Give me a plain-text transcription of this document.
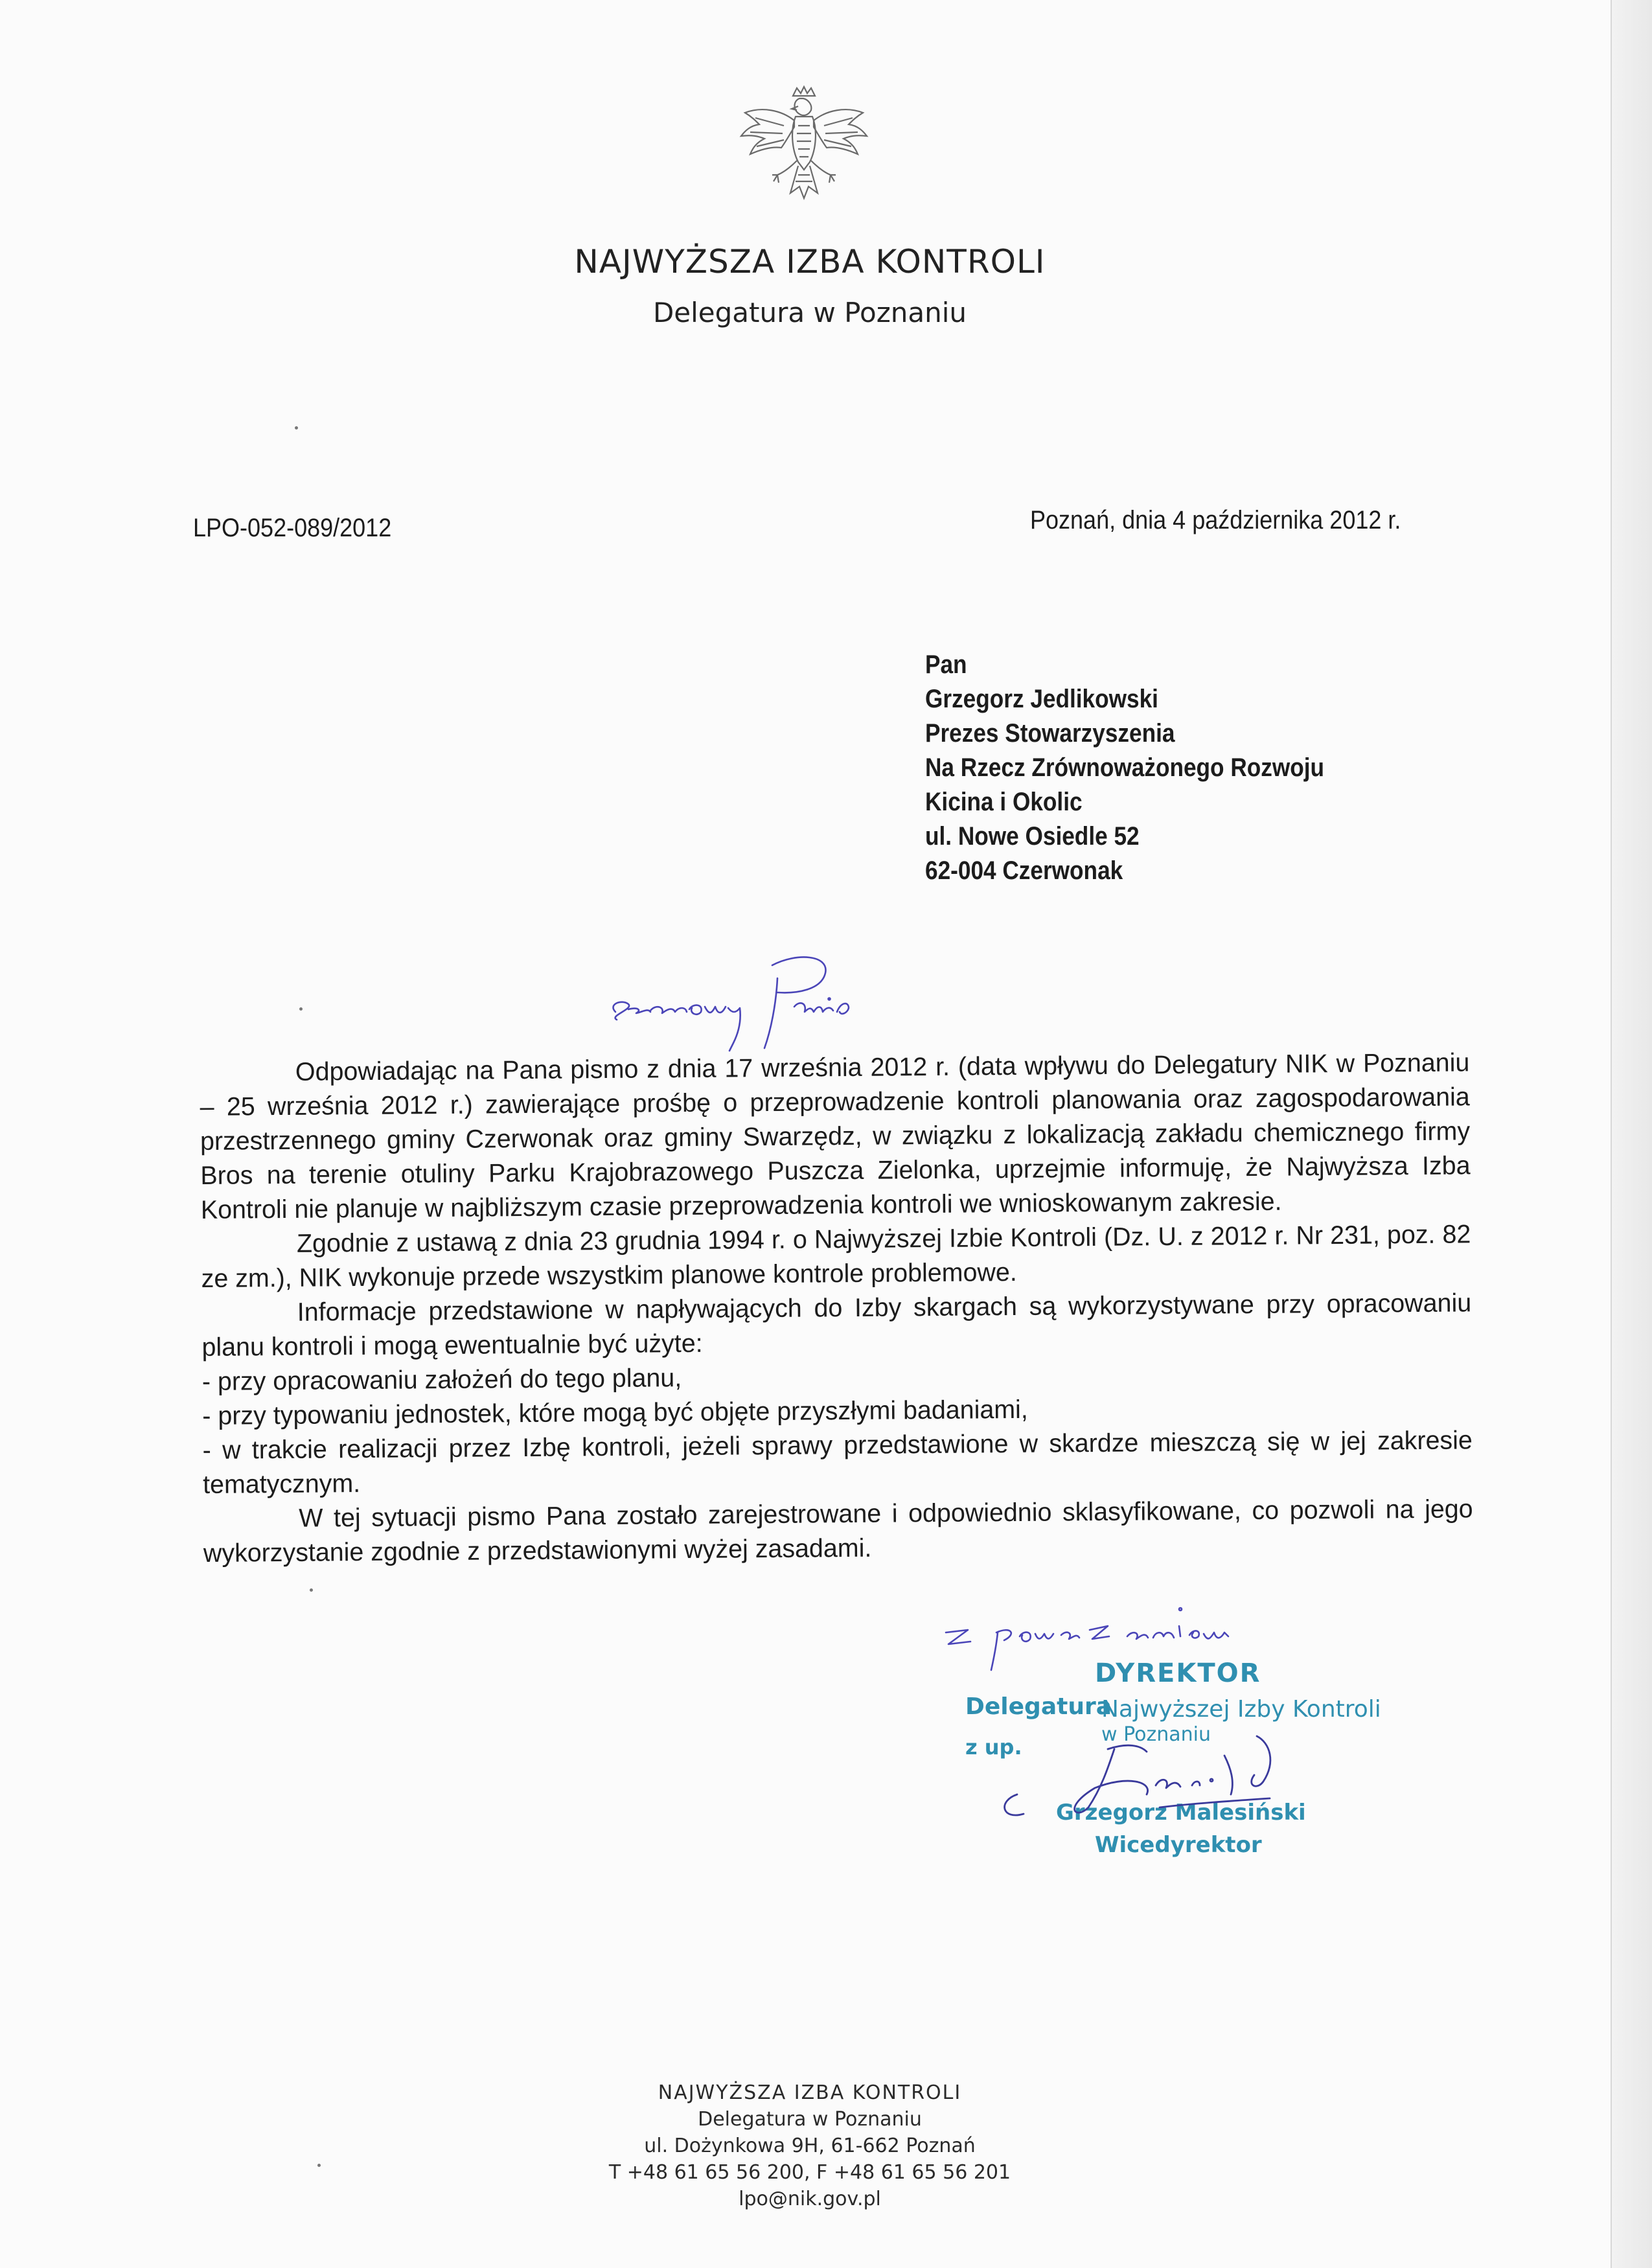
NAJWYŻSZA IZBA KONTROLI
Delegatura w Poznaniu
LPO-052-089/2012	Poznań, dnia 4 października 2012 r.
Pan
Grzegorz Jedlikowski
Prezes Stowarzyszenia
Na Rzecz Zrównoważonego Rozwoju
Kicina i Okolic
ul. Nowe Osiedle 52
62-004 Czerwonak

Odpowiadając na Pana pismo z dnia 17 września 2012 r. (data wpływu do Delegatury NIK w Poznaniu – 25 września 2012 r.) zawierające prośbę o przeprowadzenie kontroli planowania oraz zagospodarowania przestrzennego gminy Czerwonak oraz gminy Swarzędz, w związku z lokalizacją zakładu chemicznego firmy Bros na terenie otuliny Parku Krajobrazowego Puszcza Zielonka, uprzejmie informuję, że Najwyższa Izba Kontroli nie planuje w najbliższym czasie przeprowadzenia kontroli we wnioskowanym zakresie.

Zgodnie z ustawą z dnia 23 grudnia 1994 r. o Najwyższej Izbie Kontroli (Dz. U. z 2012 r. Nr 231, poz. 82 ze zm.), NIK wykonuje przede wszystkim planowe kontrole problemowe.

Informacje przedstawione w napływających do Izby skargach są wykorzystywane przy opracowaniu planu kontroli i mogą ewentualnie być użyte:

- przy opracowaniu założeń do tego planu,

- przy typowaniu jednostek, które mogą być objęte przyszłymi badaniami,

- w trakcie realizacji przez Izbę kontroli, jeżeli sprawy przedstawione w skardze mieszczą się w jej zakresie tematycznym.

W tej sytuacji pismo Pana zostało zarejestrowane i odpowiednio sklasyfikowane, co pozwoli na jego wykorzystanie zgodnie z przedstawionymi wyżej zasadami.

DYREKTOR
Delegatura
Najwyższej Izby Kontroli
w Poznaniu
z up.
Grzegorz Malesiński
Wicedyrektor
NAJWYŻSZA IZBA KONTROLI
Delegatura w Poznaniu
ul. Dożynkowa 9H, 61-662 Poznań
T +48 61 65 56 200, F +48 61 65 56 201
lpo@nik.gov.pl
